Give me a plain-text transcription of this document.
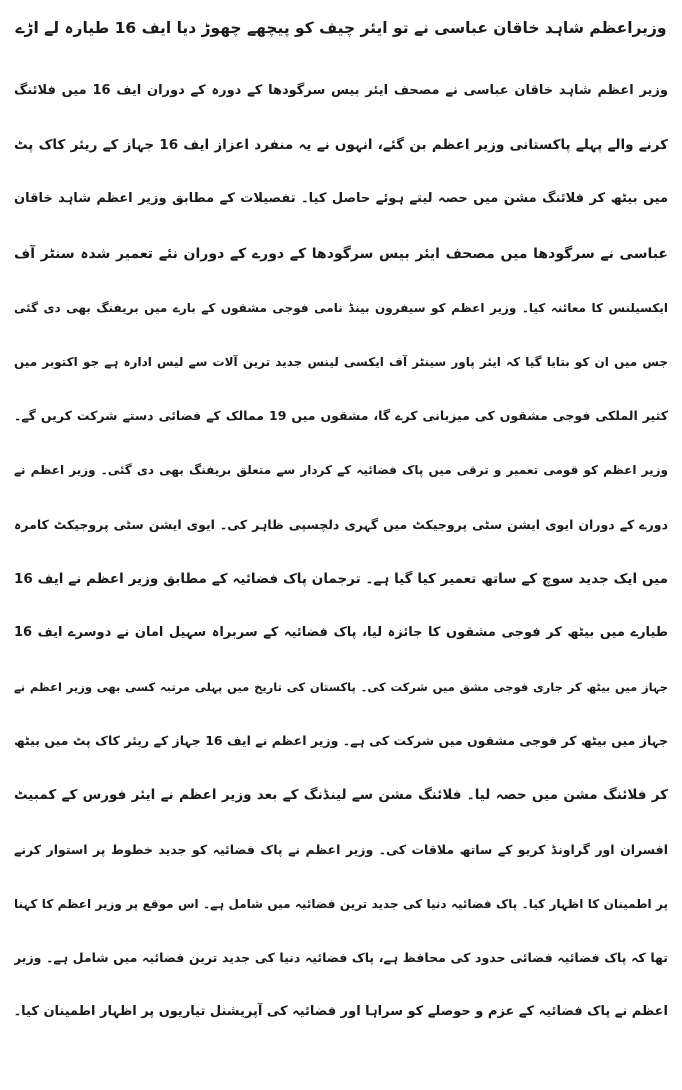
وزیراعظم شاہد خاقان عباسی نے تو ایئر چیف کو پیچھے چھوڑ دیا ایف 16 طیارہ لے اڑے
وزیر اعظم شاہد خاقان عباسی نے مصحف ایئر بیس سرگودھا کے دورہ کے دوران ایف 16 میں فلائنگ
کرنے والے پہلے پاکستانی وزیر اعظم بن گئے، انہوں نے یہ منفرد اعزاز ایف 16 جہاز کے ریئر کاک پٹ
میں بیٹھ کر فلائنگ مشن میں حصہ لیتے ہوئے حاصل کیا۔ تفصیلات کے مطابق وزیر اعظم شاہد خاقان
عباسی نے سرگودھا میں مصحف ایئر بیس سرگودھا کے دورے کے دوران نئے تعمیر شدہ سنٹر آف
ایکسیلنس کا معائنہ کیا۔ وزیر اعظم کو سیفرون بینڈ نامی فوجی مشقوں کے بارے میں بریفنگ بھی دی گئی
جس میں ان کو بتایا گیا کہ ایئر پاور سینٹر آف ایکسی لینس جدید ترین آلات سے لیس ادارہ ہے جو اکتوبر میں
کثیر الملکی فوجی مشقوں کی میزبانی کرے گا، مشقوں میں 19 ممالک کے فضائی دستے شرکت کریں گے۔
وزیر اعظم کو قومی تعمیر و ترقی میں پاک فضائیہ کے کردار سے متعلق بریفنگ بھی دی گئی۔ وزیر اعظم نے
دورے کے دوران ایوی ایشن سٹی پروجیکٹ میں گہری دلچسپی ظاہر کی۔ ایوی ایشن سٹی پروجیکٹ کامرہ
میں ایک جدید سوچ کے ساتھ تعمیر کیا گیا ہے۔ ترجمان پاک فضائیہ کے مطابق وزیر اعظم نے ایف 16
طیارے میں بیٹھ کر فوجی مشقوں کا جائزہ لیا، پاک فضائیہ کے سربراہ سہیل امان نے دوسرے ایف 16
جہاز میں بیٹھ کر جاری فوجی مشق میں شرکت کی۔ پاکستان کی تاریخ میں پہلی مرتبہ کسی بھی وزیر اعظم نے
جہاز میں بیٹھ کر فوجی مشقوں میں شرکت کی ہے۔ وزیر اعظم نے ایف 16 جہاز کے ریئر کاک پٹ میں بیٹھ
کر فلائنگ مشن میں حصہ لیا۔ فلائنگ مشن سے لینڈنگ کے بعد وزیر اعظم نے ایئر فورس کے کمبیٹ
افسران اور گراونڈ کریو کے ساتھ ملاقات کی۔ وزیر اعظم نے پاک فضائیہ کو جدید خطوط پر استوار کرنے
پر اطمینان کا اظہار کیا۔ پاک فضائیہ دنیا کی جدید ترین فضائیہ میں شامل ہے۔ اس موقع پر وزیر اعظم کا کہنا
تھا کہ پاک فضائیہ فضائی حدود کی محافظ ہے، پاک فضائیہ دنیا کی جدید ترین فضائیہ میں شامل ہے۔ وزیر
اعظم نے پاک فضائیہ کے عزم و حوصلے کو سراہا اور فضائیہ کی آپریشنل تیاریوں پر اظہار اطمینان کیا۔
